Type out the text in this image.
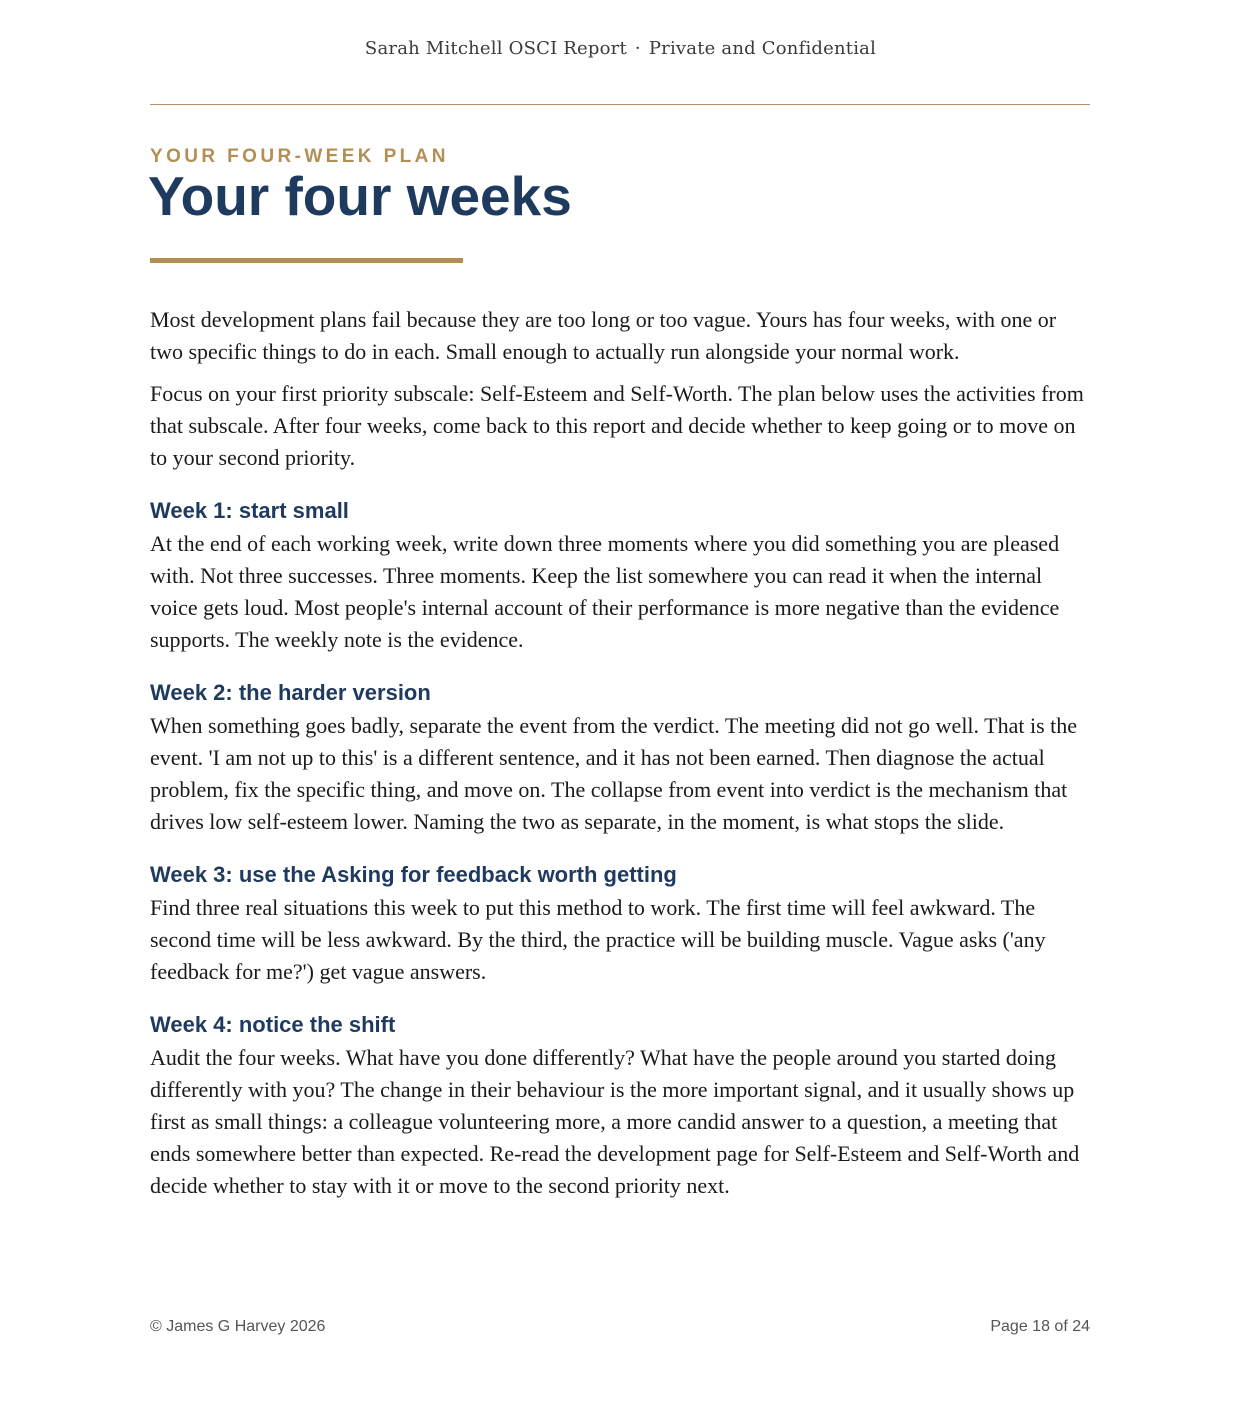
Sarah Mitchell OSCI Report · Private and Confidential
YOUR FOUR-WEEK PLAN
Your four weeks

Most development plans fail because they are too long or too vague. Yours has four weeks, with one or two specific things to do in each. Small enough to actually run alongside your normal work.

Focus on your first priority subscale: Self-Esteem and Self-Worth. The plan below uses the activities from that subscale. After four weeks, come back to this report and decide whether to keep going or to move on to your second priority.

Week 1: start small

At the end of each working week, write down three moments where you did something you are pleased with. Not three successes. Three moments. Keep the list somewhere you can read it when the internal voice gets loud. Most people's internal account of their performance is more negative than the evidence supports. The weekly note is the evidence.

Week 2: the harder version

When something goes badly, separate the event from the verdict. The meeting did not go well. That is the event. 'I am not up to this' is a different sentence, and it has not been earned. Then diagnose the actual problem, fix the specific thing, and move on. The collapse from event into verdict is the mechanism that drives low self-esteem lower. Naming the two as separate, in the moment, is what stops the slide.

Week 3: use the Asking for feedback worth getting

Find three real situations this week to put this method to work. The first time will feel awkward. The second time will be less awkward. By the third, the practice will be building muscle. Vague asks ('any feedback for me?') get vague answers.

Week 4: notice the shift

Audit the four weeks. What have you done differently? What have the people around you started doing differently with you? The change in their behaviour is the more important signal, and it usually shows up first as small things: a colleague volunteering more, a more candid answer to a question, a meeting that ends somewhere better than expected. Re-read the development page for Self-Esteem and Self-Worth and decide whether to stay with it or move to the second priority next.

© James G Harvey 2026	Page 18 of 24
